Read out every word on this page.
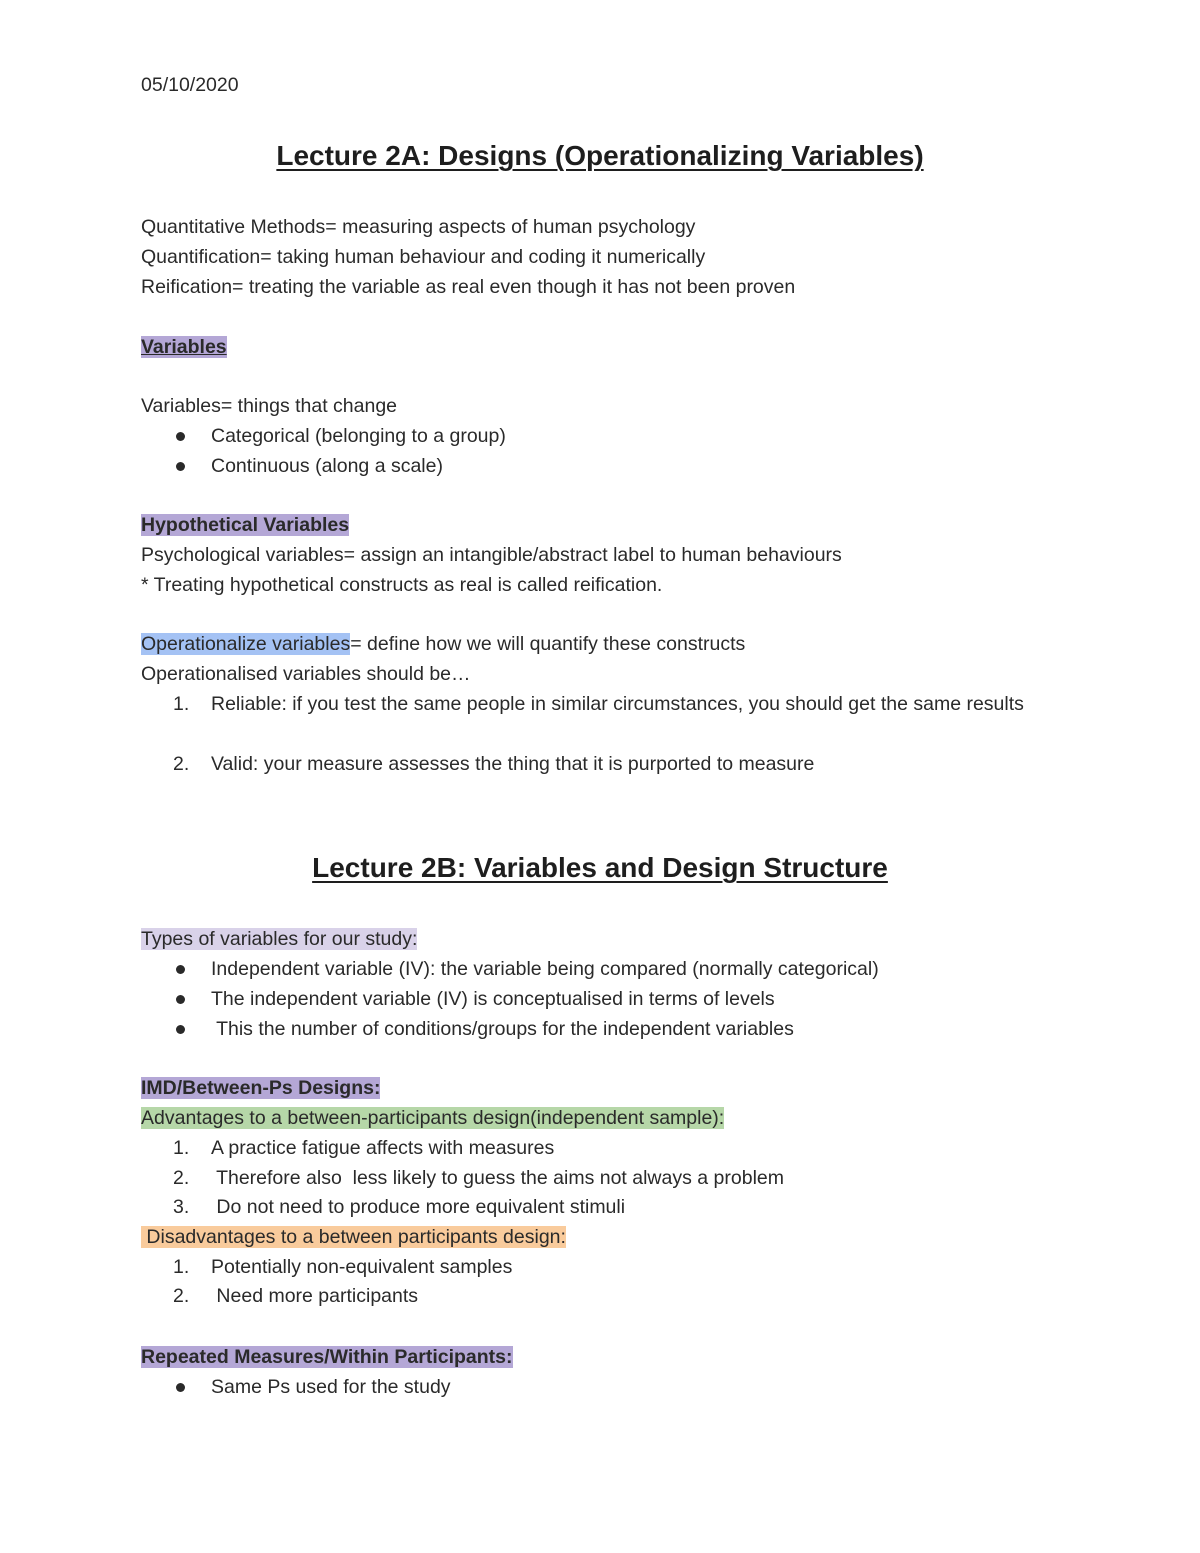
05/10/2020
Lecture 2A: Designs (Operationalizing Variables)
Quantitative Methods= measuring aspects of human psychology
Quantification= taking human behaviour and coding it numerically
Reification= treating the variable as real even though it has not been proven
Variables
Variables= things that change
Categorical (belonging to a group)
Continuous (along a scale)
Hypothetical Variables
Psychological variables= assign an intangible/abstract label to human behaviours
* Treating hypothetical constructs as real is called reification.
Operationalize variables= define how we will quantify these constructs
Operationalised variables should be…
1.	Reliable: if you test the same people in similar circumstances, you should get the same results
2.	Valid: your measure assesses the thing that it is purported to measure
Lecture 2B: Variables and Design Structure
Types of variables for our study:
Independent variable (IV): the variable being compared (normally categorical)
The independent variable (IV) is conceptualised in terms of levels
This the number of conditions/groups for the independent variables
IMD/Between-Ps Designs:
Advantages to a between-participants design(independent sample):
1.	A practice fatigue affects with measures
2.	Therefore also  less likely to guess the aims not always a problem
3.	Do not need to produce more equivalent stimuli
Disadvantages to a between participants design:
1.	Potentially non-equivalent samples
2.	Need more participants
Repeated Measures/Within Participants:
Same Ps used for the study
